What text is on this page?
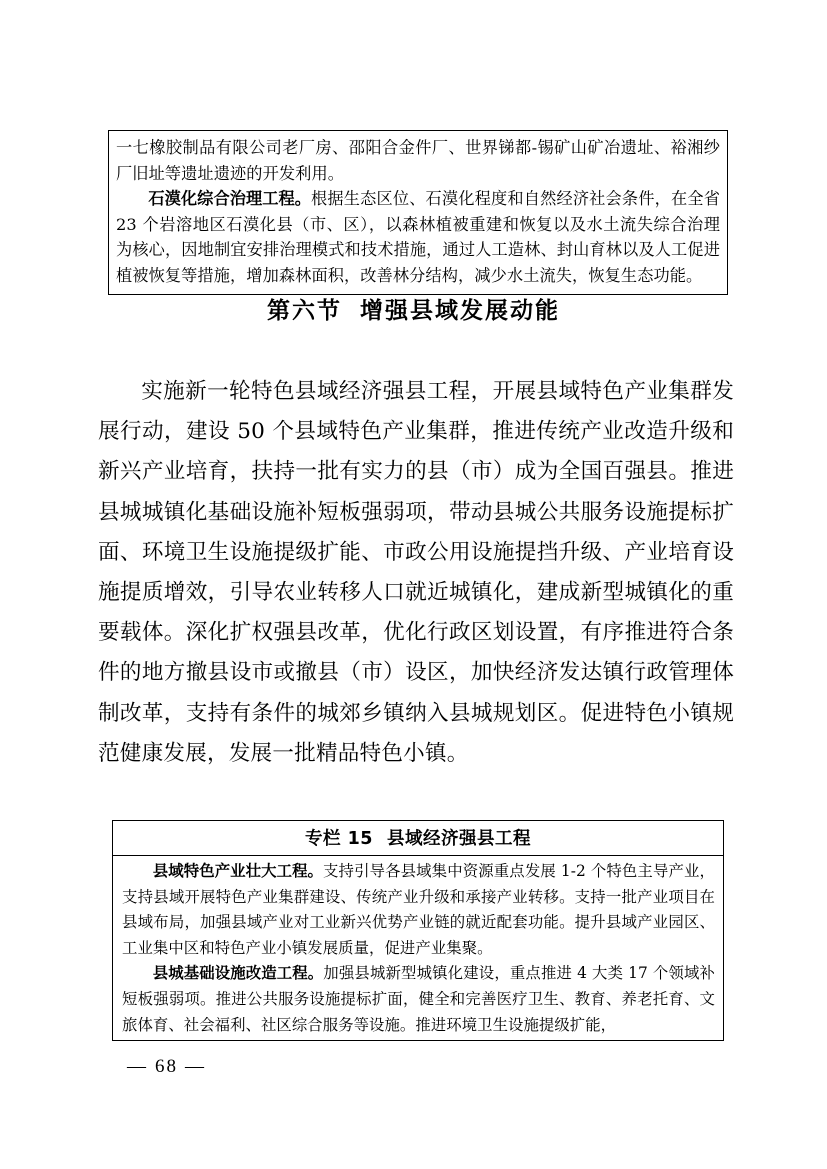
一七橡胶制品有限公司老厂房、邵阳合金件厂、世界锑都-锡矿山矿冶遗址、裕湘纱厂旧址等遗址遗迹的开发利用。

石漠化综合治理工程。根据生态区位、石漠化程度和自然经济社会条件，在全省 23 个岩溶地区石漠化县（市、区），以森林植被重建和恢复以及水土流失综合治理为核心，因地制宜安排治理模式和技术措施，通过人工造林、封山育林以及人工促进植被恢复等措施，增加森林面积，改善林分结构，减少水土流失，恢复生态功能。

第六节 增强县域发展动能

实施新一轮特色县域经济强县工程，开展县域特色产业集群发展行动，建设 50 个县域特色产业集群，推进传统产业改造升级和新兴产业培育，扶持一批有实力的县（市）成为全国百强县。推进县城城镇化基础设施补短板强弱项，带动县城公共服务设施提标扩面、环境卫生设施提级扩能、市政公用设施提挡升级、产业培育设施提质增效，引导农业转移人口就近城镇化，建成新型城镇化的重要载体。深化扩权强县改革，优化行政区划设置，有序推进符合条件的地方撤县设市或撤县（市）设区，加快经济发达镇行政管理体制改革，支持有条件的城郊乡镇纳入县城规划区。促进特色小镇规范健康发展，发展一批精品特色小镇。

专栏 15 县域经济强县工程

县域特色产业壮大工程。支持引导各县域集中资源重点发展 1-2 个特色主导产业，支持县域开展特色产业集群建设、传统产业升级和承接产业转移。支持一批产业项目在县域布局，加强县域产业对工业新兴优势产业链的就近配套功能。提升县域产业园区、工业集中区和特色产业小镇发展质量，促进产业集聚。

县城基础设施改造工程。加强县城新型城镇化建设，重点推进 4 大类 17 个领域补短板强弱项。推进公共服务设施提标扩面，健全和完善医疗卫生、教育、养老托育、文旅体育、社会福利、社区综合服务等设施。推进环境卫生设施提级扩能，

— 68 —
